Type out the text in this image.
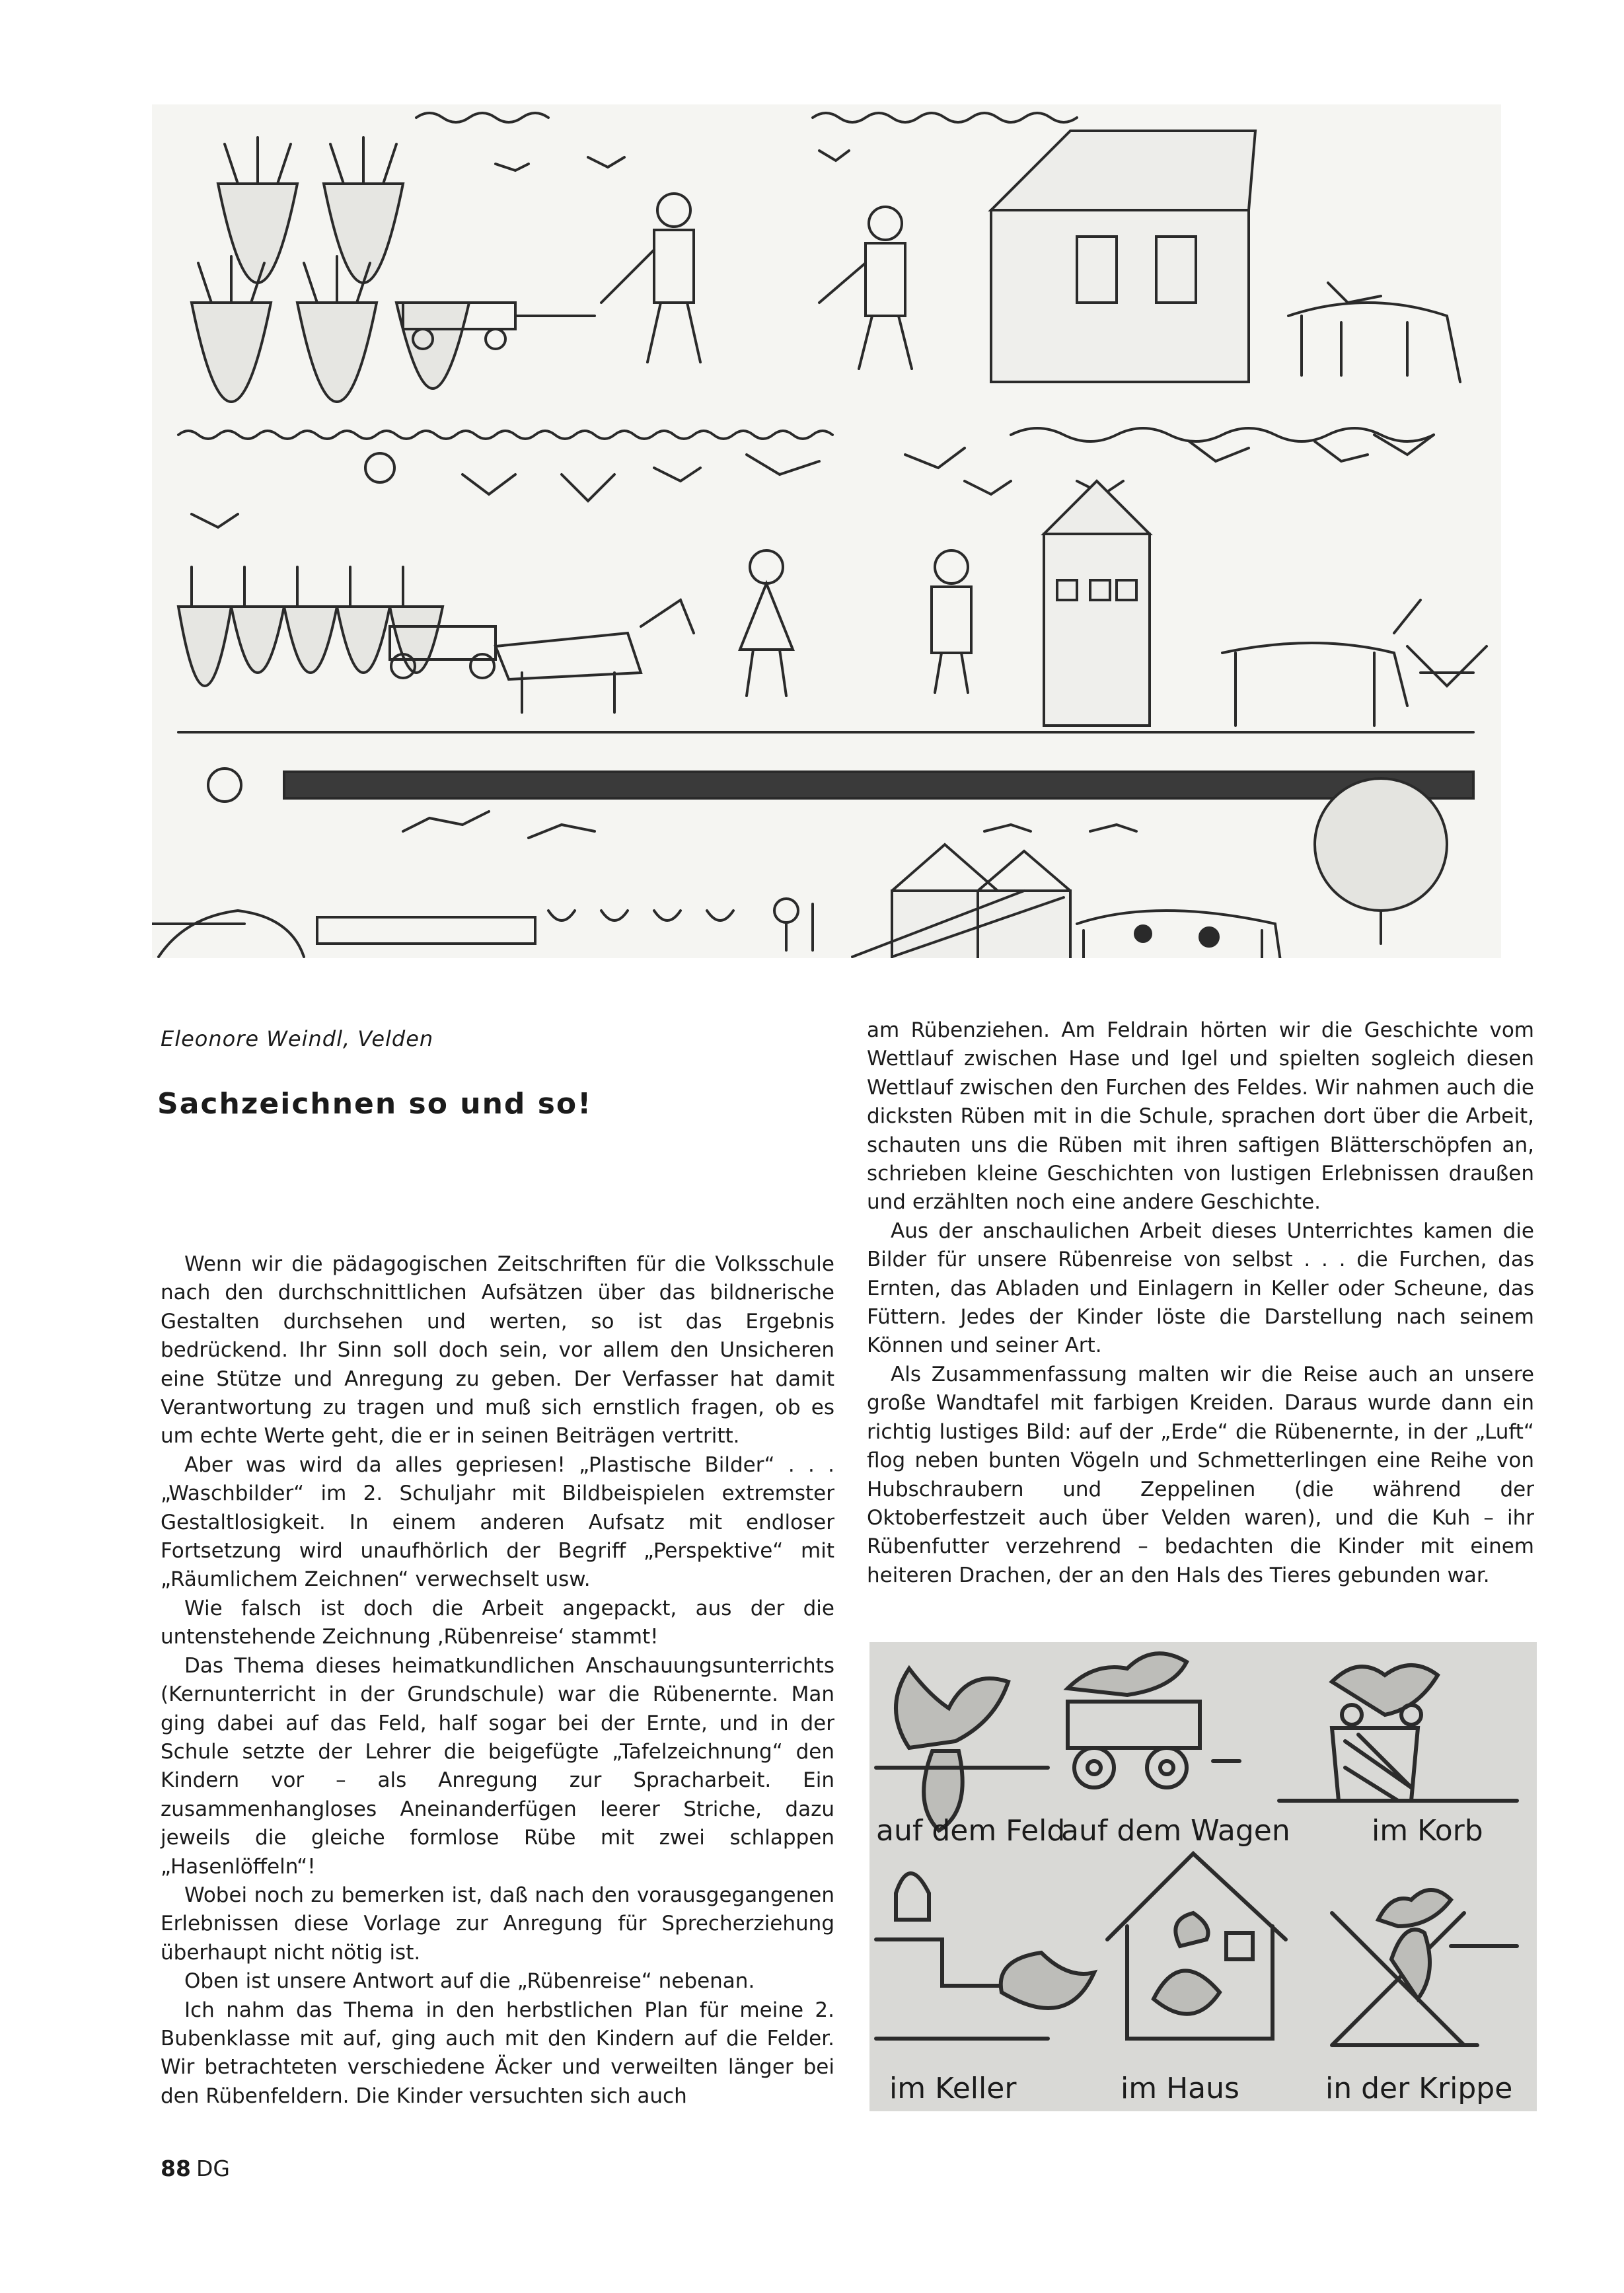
Eleonore Weindl, Velden
Sachzeichnen so und so!

Wenn wir die pädagogischen Zeitschriften für die Volksschule nach den durchschnittlichen Aufsätzen über das bildnerische Gestalten durchsehen und werten, so ist das Ergebnis bedrückend. Ihr Sinn soll doch sein, vor allem den Unsicheren eine Stütze und Anregung zu geben. Der Verfasser hat damit Verantwortung zu tragen und muß sich ernstlich fragen, ob es um echte Werte geht, die er in seinen Beiträgen vertritt.

Aber was wird da alles gepriesen! „Plastische Bilder“ . . . „Waschbilder“ im 2. Schuljahr mit Bildbeispielen extremster Gestaltlosigkeit. In einem anderen Aufsatz mit endloser Fortsetzung wird unaufhörlich der Begriff „Perspektive“ mit „Räumlichem Zeichnen“ verwechselt usw.

Wie falsch ist doch die Arbeit angepackt, aus der die untenstehende Zeichnung ‚Rübenreise‘ stammt!

Das Thema dieses heimatkundlichen Anschauungsunterrichts (Kernunterricht in der Grundschule) war die Rübenernte. Man ging dabei auf das Feld, half sogar bei der Ernte, und in der Schule setzte der Lehrer die beigefügte „Tafelzeichnung“ den Kindern vor – als Anregung zur Spracharbeit. Ein zusammenhangloses Aneinanderfügen leerer Striche, dazu jeweils die gleiche formlose Rübe mit zwei schlappen „Hasenlöffeln“!

Wobei noch zu bemerken ist, daß nach den vorausgegangenen Erlebnissen diese Vorlage zur Anregung für Sprecherziehung überhaupt nicht nötig ist.

Oben ist unsere Antwort auf die „Rübenreise“ nebenan.

Ich nahm das Thema in den herbstlichen Plan für meine 2. Bubenklasse mit auf, ging auch mit den Kindern auf die Felder. Wir betrachteten verschiedene Äcker und verweilten länger bei den Rübenfeldern. Die Kinder versuchten sich auch

am Rübenziehen. Am Feldrain hörten wir die Geschichte vom Wettlauf zwischen Hase und Igel und spielten sogleich diesen Wettlauf zwischen den Furchen des Feldes. Wir nahmen auch die dicksten Rüben mit in die Schule, sprachen dort über die Arbeit, schauten uns die Rüben mit ihren saftigen Blätterschöpfen an, schrieben kleine Geschichten von lustigen Erlebnissen draußen und erzählten noch eine andere Geschichte.

Aus der anschaulichen Arbeit dieses Unterrichtes kamen die Bilder für unsere Rübenreise von selbst . . . die Furchen, das Ernten, das Abladen und Einlagern in Keller oder Scheune, das Füttern. Jedes der Kinder löste die Darstellung nach seinem Können und seiner Art.

Als Zusammenfassung malten wir die Reise auch an unsere große Wandtafel mit farbigen Kreiden. Daraus wurde dann ein richtig lustiges Bild: auf der „Erde“ die Rübenernte, in der „Luft“ flog neben bunten Vögeln und Schmetterlingen eine Reihe von Hubschraubern und Zeppelinen (die während der Oktoberfestzeit auch über Velden waren), und die Kuh – ihr Rübenfutter verzehrend – bedachten die Kinder mit einem heiteren Drachen, der an den Hals des Tieres gebunden war.

auf dem Feld
auf dem Wagen	im Korb
im Keller	im Haus	in der Krippe
88 DG
